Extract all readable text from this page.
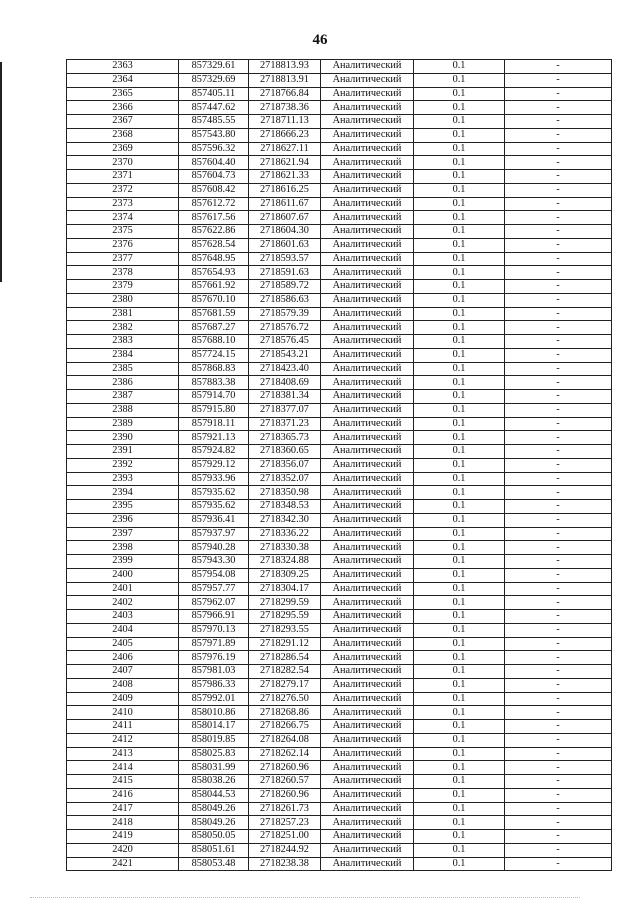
46
2363	857329.61	2718813.93	Аналитический	0.1	-
2364	857329.69	2718813.91	Аналитический	0.1	-
2365	857405.11	2718766.84	Аналитический	0.1	-
2366	857447.62	2718738.36	Аналитический	0.1	-
2367	857485.55	2718711.13	Аналитический	0.1	-
2368	857543.80	2718666.23	Аналитический	0.1	-
2369	857596.32	2718627.11	Аналитический	0.1	-
2370	857604.40	2718621.94	Аналитический	0.1	-
2371	857604.73	2718621.33	Аналитический	0.1	-
2372	857608.42	2718616.25	Аналитический	0.1	-
2373	857612.72	2718611.67	Аналитический	0.1	-
2374	857617.56	2718607.67	Аналитический	0.1	-
2375	857622.86	2718604.30	Аналитический	0.1	-
2376	857628.54	2718601.63	Аналитический	0.1	-
2377	857648.95	2718593.57	Аналитический	0.1	-
2378	857654.93	2718591.63	Аналитический	0.1	-
2379	857661.92	2718589.72	Аналитический	0.1	-
2380	857670.10	2718586.63	Аналитический	0.1	-
2381	857681.59	2718579.39	Аналитический	0.1	-
2382	857687.27	2718576.72	Аналитический	0.1	-
2383	857688.10	2718576.45	Аналитический	0.1	-
2384	857724.15	2718543.21	Аналитический	0.1	-
2385	857868.83	2718423.40	Аналитический	0.1	-
2386	857883.38	2718408.69	Аналитический	0.1	-
2387	857914.70	2718381.34	Аналитический	0.1	-
2388	857915.80	2718377.07	Аналитический	0.1	-
2389	857918.11	2718371.23	Аналитический	0.1	-
2390	857921.13	2718365.73	Аналитический	0.1	-
2391	857924.82	2718360.65	Аналитический	0.1	-
2392	857929.12	2718356.07	Аналитический	0.1	-
2393	857933.96	2718352.07	Аналитический	0.1	-
2394	857935.62	2718350.98	Аналитический	0.1	-
2395	857935.62	2718348.53	Аналитический	0.1	-
2396	857936.41	2718342.30	Аналитический	0.1	-
2397	857937.97	2718336.22	Аналитический	0.1	-
2398	857940.28	2718330.38	Аналитический	0.1	-
2399	857943.30	2718324.88	Аналитический	0.1	-
2400	857954.08	2718309.25	Аналитический	0.1	-
2401	857957.77	2718304.17	Аналитический	0.1	-
2402	857962.07	2718299.59	Аналитический	0.1	-
2403	857966.91	2718295.59	Аналитический	0.1	-
2404	857970.13	2718293.55	Аналитический	0.1	-
2405	857971.89	2718291.12	Аналитический	0.1	-
2406	857976.19	2718286.54	Аналитический	0.1	-
2407	857981.03	2718282.54	Аналитический	0.1	-
2408	857986.33	2718279.17	Аналитический	0.1	-
2409	857992.01	2718276.50	Аналитический	0.1	-
2410	858010.86	2718268.86	Аналитический	0.1	-
2411	858014.17	2718266.75	Аналитический	0.1	-
2412	858019.85	2718264.08	Аналитический	0.1	-
2413	858025.83	2718262.14	Аналитический	0.1	-
2414	858031.99	2718260.96	Аналитический	0.1	-
2415	858038.26	2718260.57	Аналитический	0.1	-
2416	858044.53	2718260.96	Аналитический	0.1	-
2417	858049.26	2718261.73	Аналитический	0.1	-
2418	858049.26	2718257.23	Аналитический	0.1	-
2419	858050.05	2718251.00	Аналитический	0.1	-
2420	858051.61	2718244.92	Аналитический	0.1	-
2421	858053.48	2718238.38	Аналитический	0.1	-
